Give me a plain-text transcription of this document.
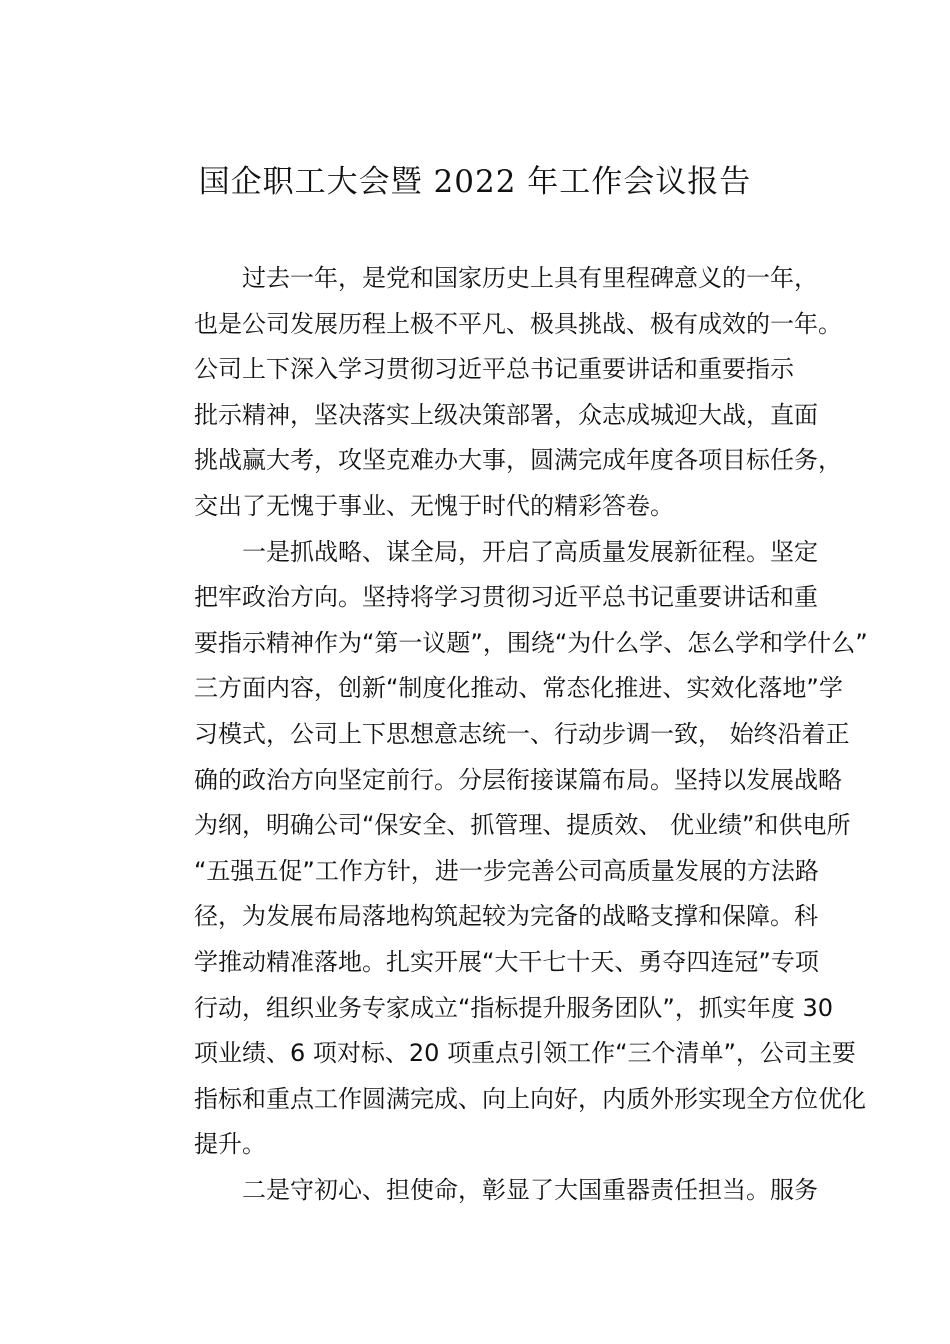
国企职工大会暨 2022 年工作会议报告
过去一年，是党和国家历史上具有里程碑意义的一年，
也是公司发展历程上极不平凡、极具挑战、极有成效的一年。
公司上下深入学习贯彻习近平总书记重要讲话和重要指示
批示精神，坚决落实上级决策部署，众志成城迎大战，直面
挑战赢大考，攻坚克难办大事，圆满完成年度各项目标任务，
交出了无愧于事业、无愧于时代的精彩答卷。
一是抓战略、谋全局，开启了高质量发展新征程。坚定
把牢政治方向。坚持将学习贯彻习近平总书记重要讲话和重
要指示精神作为“第一议题”，围绕“为什么学、怎么学和学什么”
三方面内容，创新“制度化推动、常态化推进、实效化落地”学
习模式，公司上下思想意志统一、行动步调一致， 始终沿着正
确的政治方向坚定前行。分层衔接谋篇布局。坚持以发展战略
为纲，明确公司“保安全、抓管理、提质效、 优业绩”和供电所
“五强五促”工作方针，进一步完善公司高质量发展的方法路
径，为发展布局落地构筑起较为完备的战略支撑和保障。科
学推动精准落地。扎实开展“大干七十天、勇夺四连冠”专项
行动，组织业务专家成立“指标提升服务团队”，抓实年度 30
项业绩、6 项对标、20 项重点引领工作“三个清单”，公司主要
指标和重点工作圆满完成、向上向好，内质外形实现全方位优化
提升。
二是守初心、担使命，彰显了大国重器责任担当。服务
